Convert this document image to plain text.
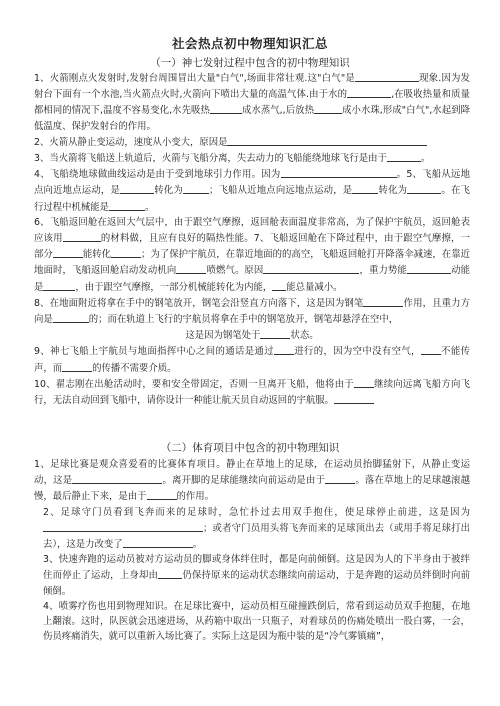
社会热点初中物理知识汇总
（一）神七发射过程中包含的初中物理知识

1、火箭刚点火发射时,发射台周围冒出大量"白气",场面非常壮观.这"白气"是	现象.因为发射台下面有一个水池,当火箭点火时,火箭向下喷出大量的高温气体.由于水的	,在吸收热量和质量都相同的情况下,温度不容易变化,水先吸热	成水蒸气,,后放热	成小水珠,形成"白气",水起到降低温度、保护发射台的作用。

2、火箭从静止变运动，速度从小变大，原因是

3、当火箭将飞船送上轨道后，火箭与飞船分离，失去动力的飞船能绕地球飞行是由于	。

4、飞船绕地球做曲线运动是由于受到地球引力作用。因为	。5、飞船从远地点向近地点运动，是	转化为	；飞船从近地点向远地点运动，是	转化为	。在飞行过程中机械能是	。

6、飞船返回舱在返回大气层中，由于跟空气摩擦，返回舱表面温度非常高，为了保护宇航员，返回舱表应该用	的材料做，且应有良好的隔热性能。7、飞船返回舱在下降过程中，由于跟空气摩擦，一部分	能转化	；为了保护宇航员，在靠近地面的的高空，飞船返回舱打开降落伞减速，在靠近地面时，飞船返回舱启动发动机向	喷燃气。原因	，重力势能	动能是	，由于跟空气摩擦，一部分机械能转化为内能， 能总量减小。

8、在地面附近将拿在手中的钢笔放开，钢笔会沿竖直方向落下，这是因为钢笔	作用，且重力方向是	的；而在轨道上飞行的宇航员将拿在手中的钢笔放开，钢笔却悬浮在空中，

这是因为钢笔处于	状态。

9、神七飞船上宇航员与地面指挥中心之间的通话是通过 进行的，因为空中没有空气， 不能传声，而	的传播不需要介质。

10、翟志刚在出舱活动时，要和安全带固定，否则一旦离开飞船，他将由于 继续向远离飞船方向飞行，无法自动回到飞船中，请你设计一种能让航天员自动返回的宇航服。

（二）体育项目中包含的初中物理知识

1、足球比赛是观众喜爱看的比赛体育项目。静止在草地上的足球，在运动员抬脚猛射下，从静止变运动，这是	。离开脚的足球能继续向前运动是由于	。落在草地上的足球越滚越慢，最后静止下来，是由于	的作用。

2、足球守门员看到飞奔而来的足球时，急忙扑过去用双手抱住，使足球停止前进，这是因为；或者守门员用头将飞奔而来的足球顶出去（或用手将足球打出去），这是力改变了	。

3、快速奔跑的运动员被对方运动员的脚或身体绊住时，都是向前倾倒。这是因为人的下半身由于被绊住而停止了运动，上身却由	仍保持原来的运动状态继续向前运动，于是奔跑的运动员绊倒时向前倾倒。

4、喷雾疗伤也用到物理知识。在足球比赛中，运动员相互碰撞跌倒后，常看到运动员双手抱腿，在地上翻滚。这时，队医就会迅速进场，从药箱中取出一只瓶子，对着球员的伤痛处喷出一股白雾，一会，伤员疼痛消失，就可以重新入场比赛了。实际上这是因为瓶中装的是“冷气雾镇痛”，
